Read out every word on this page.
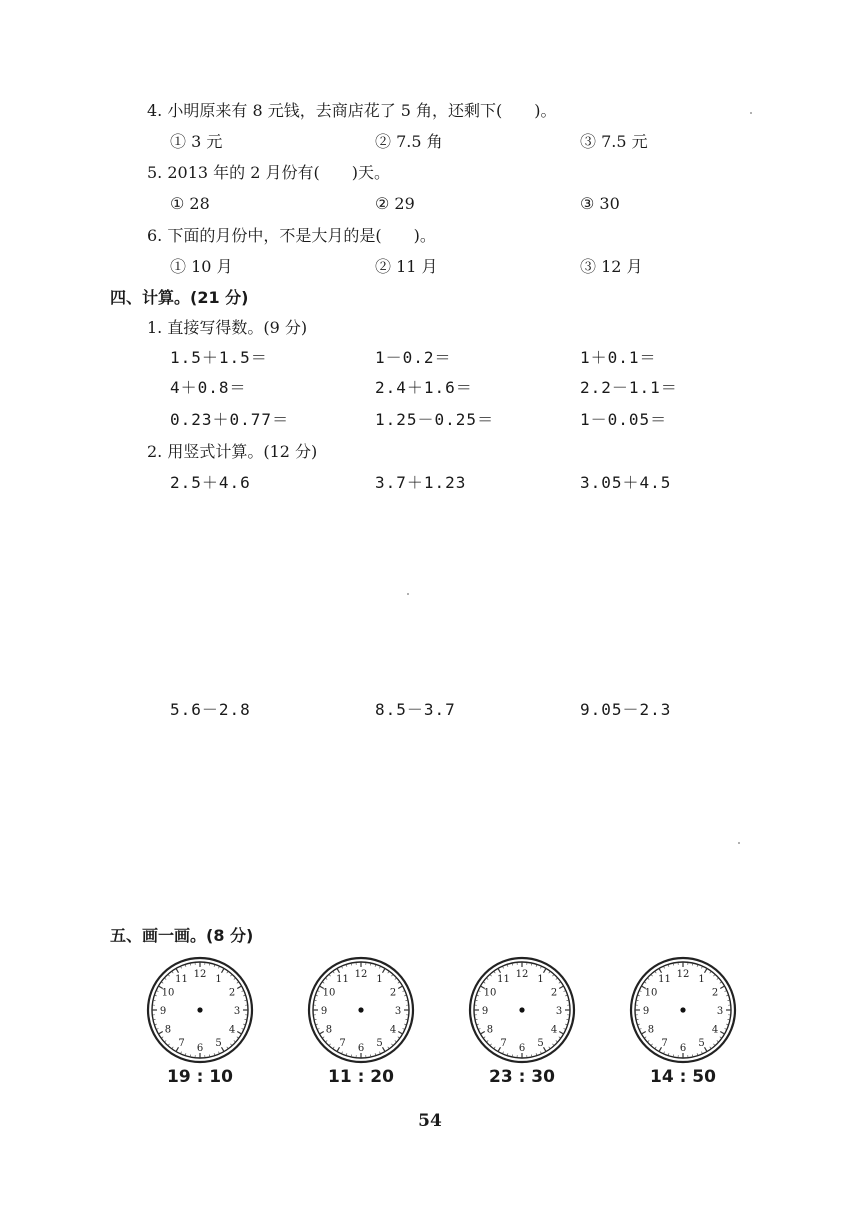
4. 小明原来有 8 元钱，去商店花了 5 角，还剩下(　　)。
① 3 元	② 7.5 角	③ 7.5 元
5. 2013 年的 2 月份有(　　)天。
① 28	② 29	③ 30
6. 下面的月份中，不是大月的是(　　)。
① 10 月	② 11 月	③ 12 月
四、计算。(21 分)
1. 直接写得数。(9 分)
1.5＋1.5＝	1－0.2＝	1＋0.1＝
4＋0.8＝	2.4＋1.6＝	2.2－1.1＝
0.23＋0.77＝	1.25－0.25＝	1－0.05＝
2. 用竖式计算。(12 分)
2.5＋4.6	3.7＋1.23	3.05＋4.5
5.6－2.8	8.5－3.7	9.05－2.3
五、画一画。(8 分)
12 1
2
3
4
5
6
7
8
9
10
11
19 : 10
12 1
2
3
4
5
6
7
8
9
10
11
11 : 20
12 1
2
3
4
5
6
7
8
9
10
11
23 : 30
12 1
2
3
4
5
6
7
8
9
10
11
14 : 50
54
